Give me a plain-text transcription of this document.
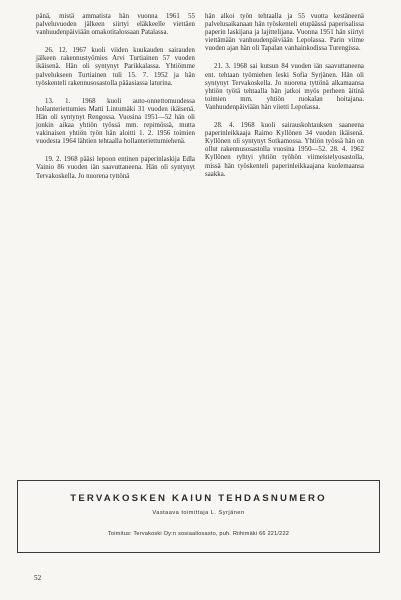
pänä, mistä ammatista hän vuonna 1961 55 palveluvuoden jälkeen siirtyi eläkkeelle viettäen vanhuudenpäiviään omakotitalossaan Patalassa.

26. 12. 1967 kuoli viiden kuukauden sairauden jälkeen rakennustyömies Arvi Turtiainen 57 vuoden ikäisenä. Hän oli syntynyt Parikkalassa. Yhtiömme palvelukseen Turtiainen tuli 15. 7. 1952 ja hän työskenteli rakennusosastolla pääasiassa laturina.

13. 1. 1968 kuoli auto-onnettomuudessa hollanteriettumies Matti Lintumäki 31 vuoden ikäisenä. Hän oli syntynyt Rengossa. Vuosina 1951—52 hän oli jonkin aikaa yhtiön työssä mm. repimössä, mutta vakinaisen yhtiön työn hän aloitti 1. 2. 1956 toimien vuodesta 1964 lähtien tehtaalla hollanteriettumiehenä.

19. 2. 1968 pääsi lepoon entinen paperinlaskija Edla Vainio 86 vuoden iän saavuttaneena. Hän oli syntynyt Tervakoskella. Jo nuorena tyttönä

hän alkoi työn tehtaalla ja 55 vuotta kestäneenä palvelusaikanaan hän työskenteli etupäässä paperisalissa paperin laskijana ja lajittelijana. Vuonna 1951 hän siirtyi viettämään vanhuudenpäiviään Lepolassa. Parin viime vuoden ajan hän oli Tapalan vanhainkodissa Turengissa.

21. 3. 1968 sai kutsun 84 vuoden iän saavuttaneena ent. tehtaan työmiehen leski Sofia Syrjänen. Hän oli syntynyt Tervakoskella. Jo nuorena tyttönä alkamaansa yhtiön työtä tehtaalla hän jatkoi myös perheen äitinä toimien mm. yhtiön ruokalan hoitajana. Vanhuudenpäiviään hän viietti Lepolassa.

28. 4. 1968 kuoli sairauskohtauksen saaneena paperinleikkaaja Raimo Kyllönen 34 vuoden ikäisenä. Kyllönen oli syntynyt Sotkamossa. Yhtiön työssä hän on ollut rakennusosastolla vuosina 1950—52. 28. 4. 1962 Kyllönen ryhtyi yhtiön työhön viimeistelyosastolla, missä hän työskenteli paperinleikkaajana kuolemaansa saakka.

TERVAKOSKEN KAIUN TEHDASNUMERO
Vastaava toimittaja L. Syrjänen
Toimitus: Tervakoski Oy:n sosiaaliosasto, puh. Riihimäki 66 221/222
52
